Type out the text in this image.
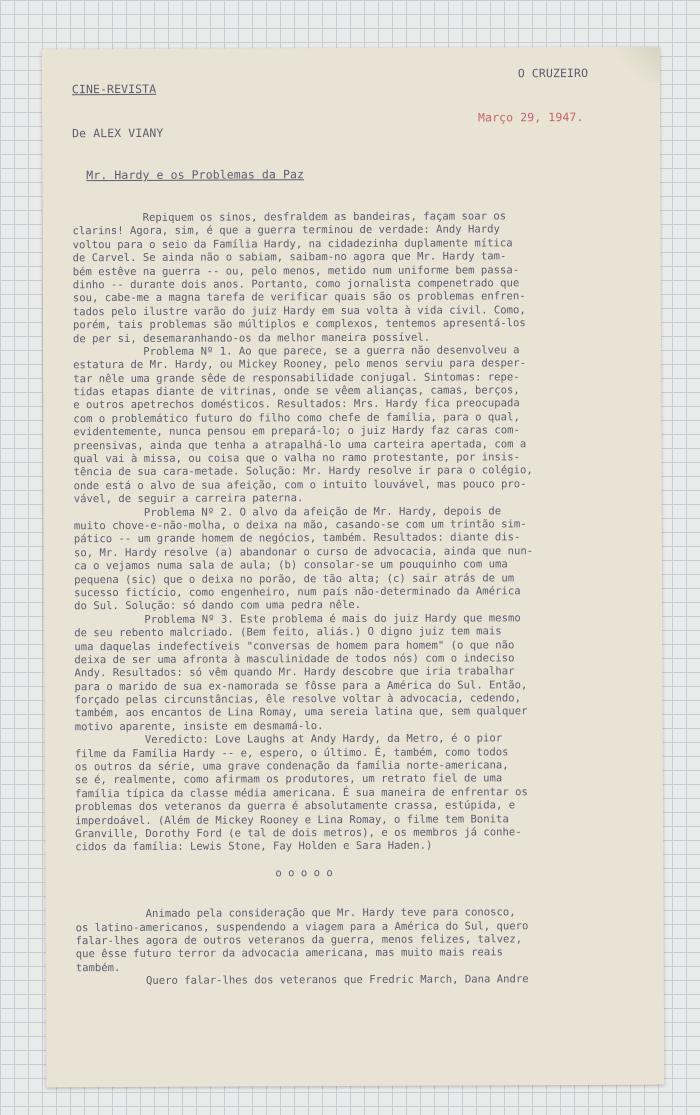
CINE-REVISTA
O CRUZEIRO
De ALEX VIANY
Março 29, 1947.
Mr. Hardy e os Problemas da Paz
Repiquem os sinos, desfraldem as bandeiras, façam soar os
clarins! Agora, sim, é que a guerra terminou de verdade: Andy Hardy
voltou para o seio da Família Hardy, na cidadezinha duplamente mítica
de Carvel. Se ainda não o sabiam, saibam-no agora que Mr. Hardy tam-
bém estêve na guerra -- ou, pelo menos, metido num uniforme bem passa-
dinho -- durante dois anos. Portanto, como jornalista compenetrado que
sou, cabe-me a magna tarefa de verificar quais são os problemas enfren-
tados pelo ilustre varão do juiz Hardy em sua volta à vida civil. Como,
porém, tais problemas são múltiplos e complexos, tentemos apresentá-los
de per si, desemaranhando-os da melhor maneira possível.
Problema Nº 1. Ao que parece, se a guerra não desenvolveu a
estatura de Mr. Hardy, ou Mickey Rooney, pelo menos serviu para desper-
tar nêle uma grande sêde de responsabilidade conjugal. Sintomas: repe-
tidas etapas diante de vitrinas, onde se vêem alianças, camas, berços,
e outros apetrechos domésticos. Resultados: Mrs. Hardy fica preocupada
com o problemático futuro do filho como chefe de família, para o qual,
evidentemente, nunca pensou em prepará-lo; o juiz Hardy faz caras com-
preensivas, ainda que tenha a atrapalhá-lo uma carteira apertada, com a
qual vai à missa, ou coisa que o valha no ramo protestante, por insis-
tência de sua cara-metade. Solução: Mr. Hardy resolve ir para o colégio,
onde está o alvo de sua afeição, com o intuito louvável, mas pouco pro-
vável, de seguir a carreira paterna.
Problema Nº 2. O alvo da afeição de Mr. Hardy, depois de
muito chove-e-não-molha, o deixa na mão, casando-se com um trintão sim-
pático -- um grande homem de negócios, também. Resultados: diante dis-
so, Mr. Hardy resolve (a) abandonar o curso de advocacia, ainda que nun-
ca o vejamos numa sala de aula; (b) consolar-se um pouquinho com uma
pequena (sic) que o deixa no porão, de tão alta; (c) sair atrás de um
sucesso fictício, como engenheiro, num país não-determinado da América
do Sul. Solução: só dando com uma pedra nêle.
Problema Nº 3. Este problema é mais do juiz Hardy que mesmo
de seu rebento malcriado. (Bem feito, aliás.) O digno juiz tem mais
uma daquelas indefectíveis "conversas de homem para homem" (o que não
deixa de ser uma afronta à masculinidade de todos nós) com o indeciso
Andy. Resultados: só vêm quando Mr. Hardy descobre que iria trabalhar
para o marido de sua ex-namorada se fôsse para a América do Sul. Então,
forçado pelas circunstâncias, êle resolve voltar à advocacia, cedendo,
também, aos encantos de Lina Romay, uma sereia latina que, sem qualquer
motivo aparente, insiste em desmamá-lo.
Veredicto: Love Laughs at Andy Hardy, da Metro, é o pior
filme da Família Hardy -- e, espero, o último. É, também, como todos
os outros da série, uma grave condenação da família norte-americana,
se é, realmente, como afirmam os produtores, um retrato fiel de uma
família típica da classe média americana. É sua maneira de enfrentar os
problemas dos veteranos da guerra é absolutamente crassa, estúpida, e
imperdoável. (Além de Mickey Rooney e Lina Romay, o filme tem Bonita
Granville, Dorothy Ford (e tal de dois metros), e os membros já conhe-
cidos da família: Lewis Stone, Fay Holden e Sara Haden.)
o o o o o
Animado pela consideração que Mr. Hardy teve para conosco,
os latino-americanos, suspendendo a viagem para a América do Sul, quero
falar-lhes agora de outros veteranos da guerra, menos felizes, talvez,
que êsse futuro terror da advocacia americana, mas muito mais reais
também.
Quero falar-lhes dos veteranos que Fredric March, Dana Andre
